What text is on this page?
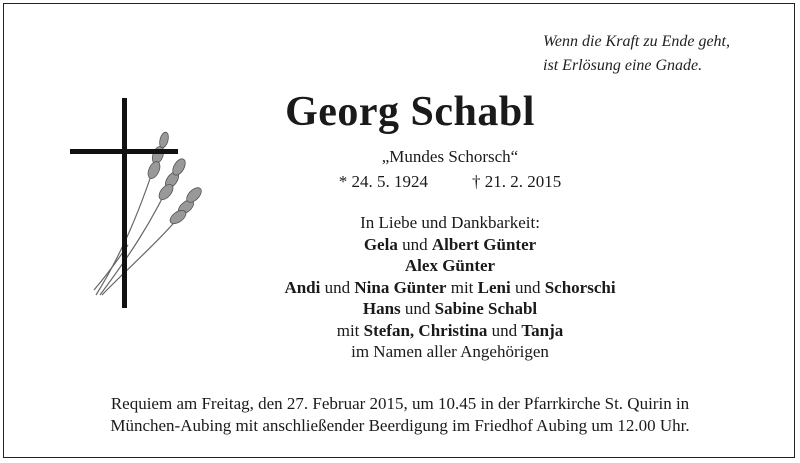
Wenn die Kraft zu Ende geht,
ist Erlösung eine Gnade.
Georg Schabl
„Mundes Schorsch“
* 24. 5. 1924	† 21. 2. 2015
In Liebe und Dankbarkeit:
Gela und Albert Günter
Alex Günter
Andi und Nina Günter mit Leni und Schorschi
Hans und Sabine Schabl
mit Stefan, Christina und Tanja
im Namen aller Angehörigen
Requiem am Freitag, den 27. Februar 2015, um 10.45 in der Pfarrkirche St. Quirin in
München-Aubing mit anschließender Beerdigung im Friedhof Aubing um 12.00 Uhr.
